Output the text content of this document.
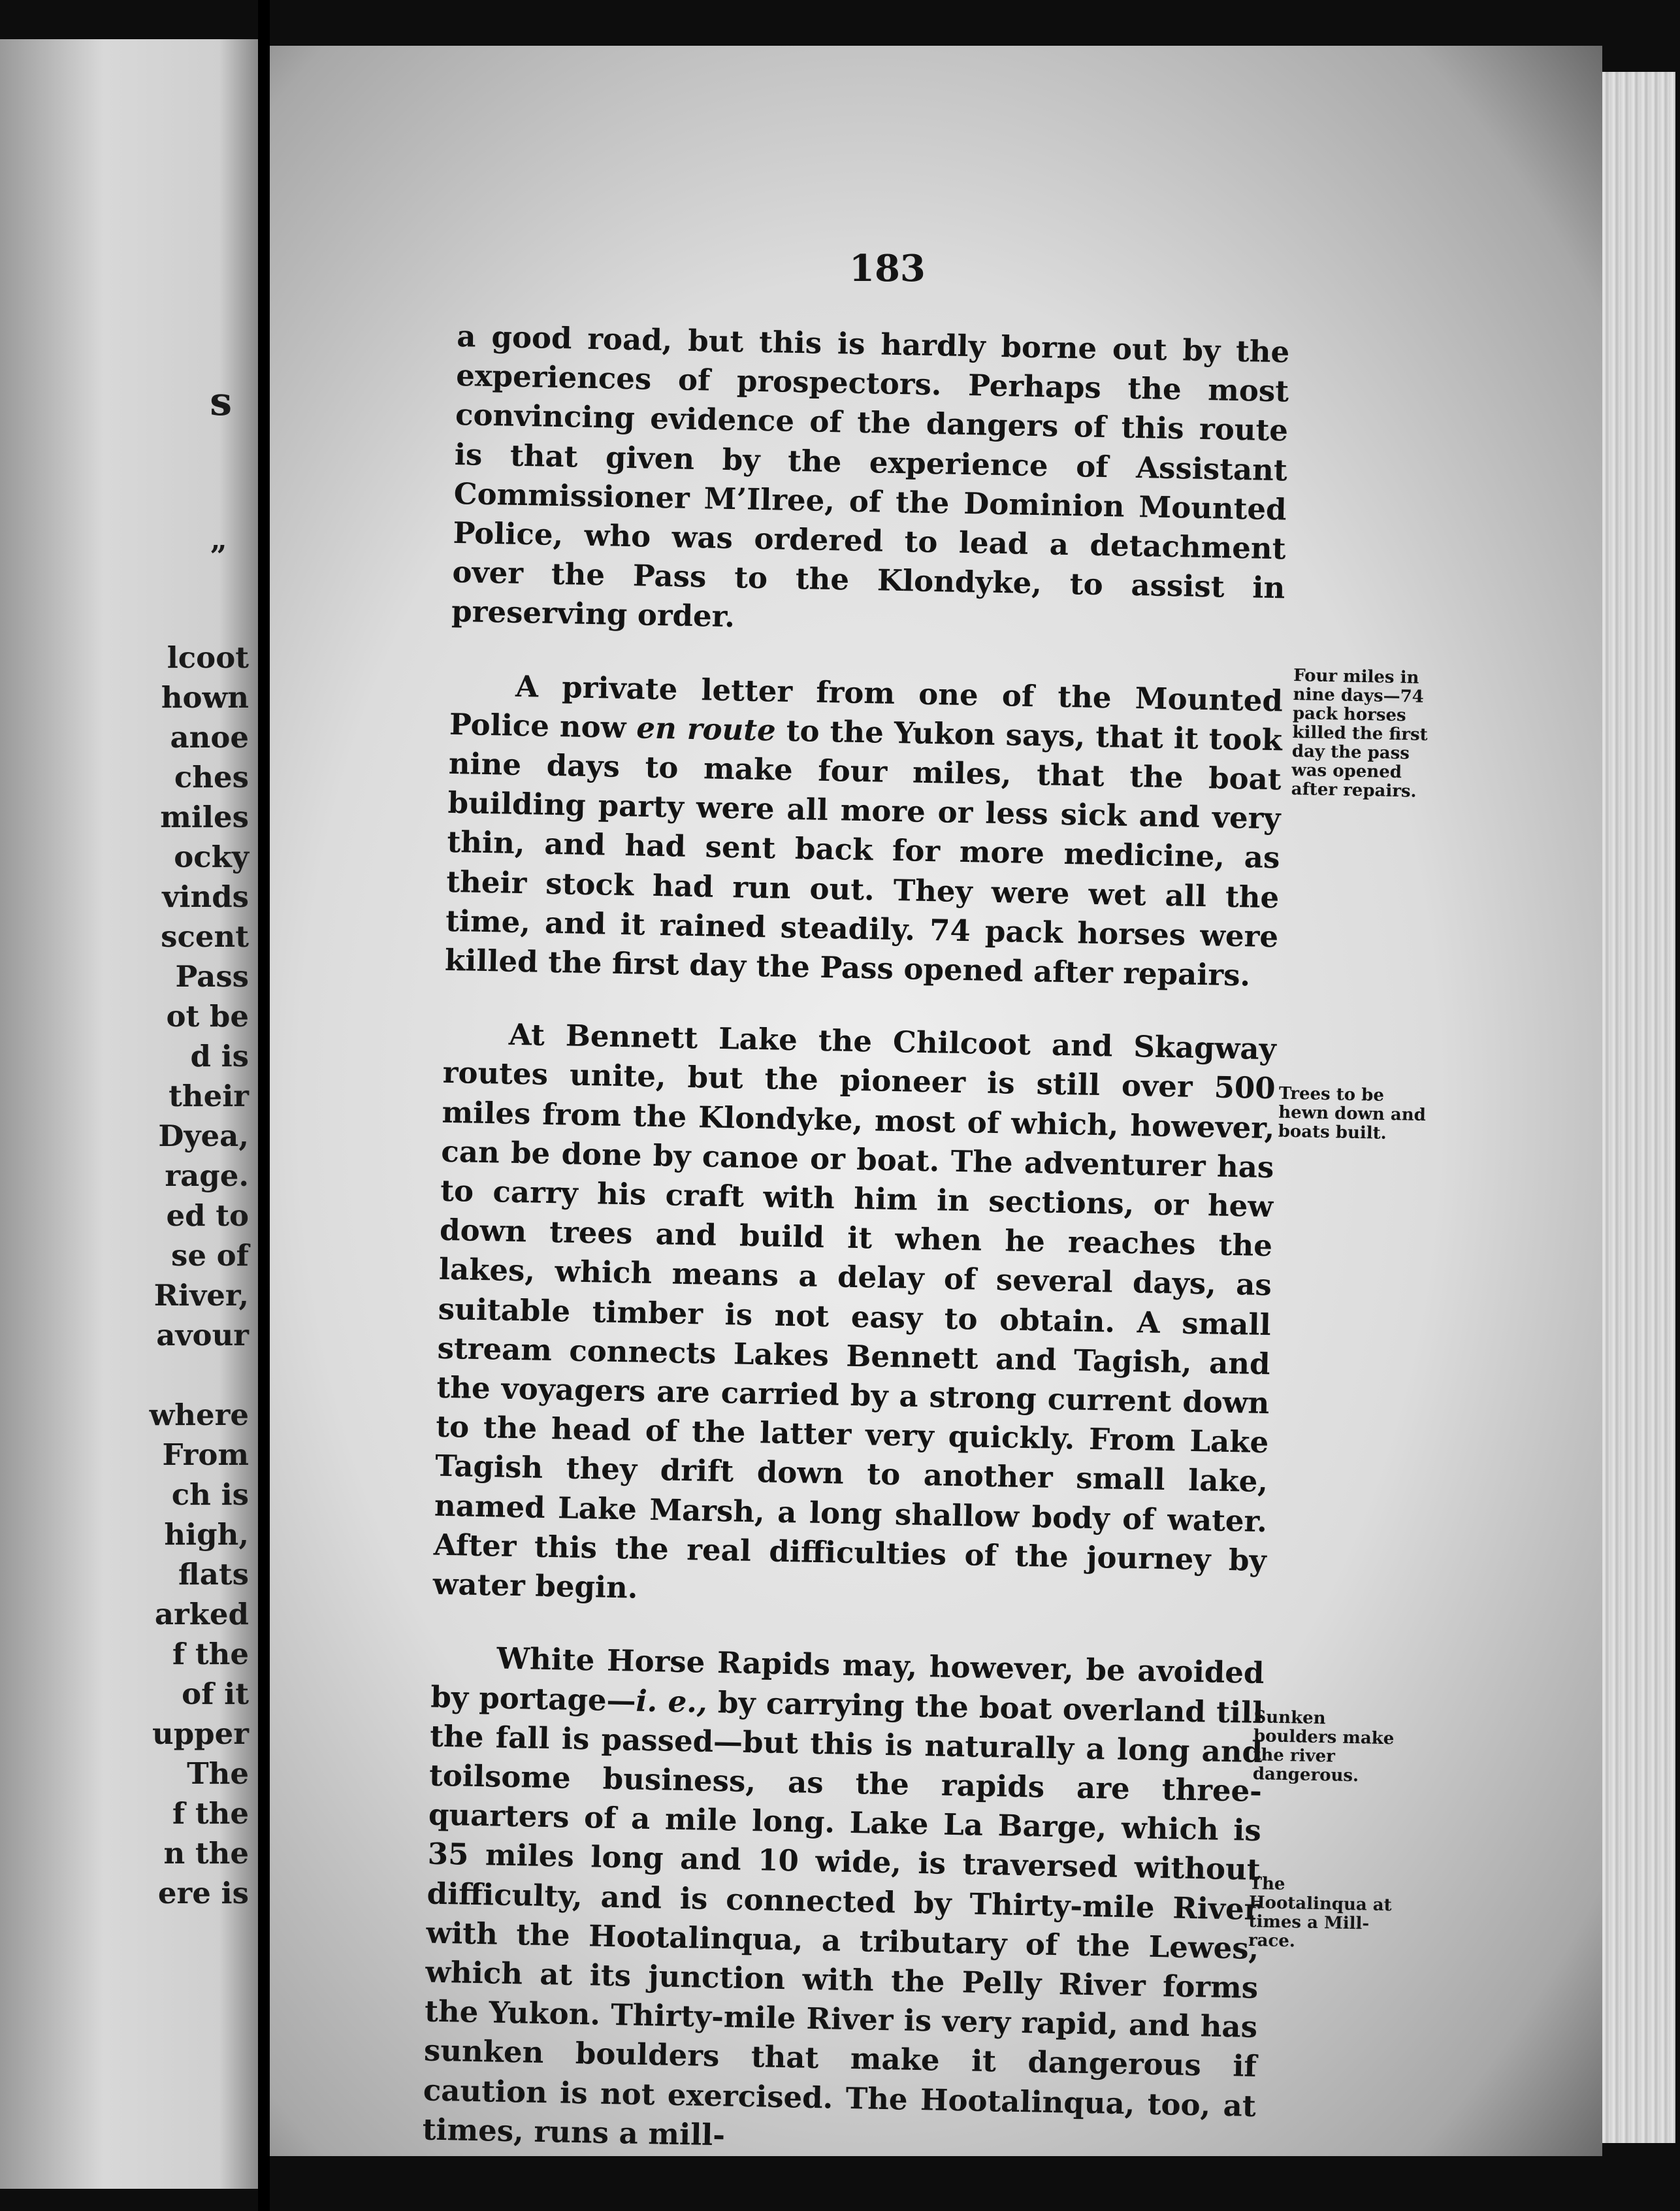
s
”
lcoot
hown
anoe
ches
miles
ocky
vinds
scent
Pass
ot be
d is
their
Dyea,
rage.
ed to
se of
River,
avour
where
From
ch is
high,
flats
arked
f the
of it
upper
The
f the
n the
ere is
183

a good road, but this is hardly borne out by the experiences of prospectors. Perhaps the most convincing evidence of the dangers of this route is that given by the experience of Assistant Commissioner M’Ilree, of the Dominion Mounted Police, who was ordered to lead a detachment over the Pass to the Klondyke, to assist in preserving order.

A private letter from one of the Mounted Police now en route to the Yukon says, that it took nine days to make four miles, that the boat building party were all more or less sick and very thin, and had sent back for more medicine, as their stock had run out. They were wet all the time, and it rained steadily. 74 pack horses were killed the first day the Pass opened after repairs.

At Bennett Lake the Chilcoot and Skagway routes unite, but the pioneer is still over 500 miles from the Klondyke, most of which, however, can be done by canoe or boat. The adventurer has to carry his craft with him in sections, or hew down trees and build it when he reaches the lakes, which means a delay of several days, as suitable timber is not easy to obtain. A small stream connects Lakes Bennett and Tagish, and the voyagers are carried by a strong current down to the head of the latter very quickly. From Lake Tagish they drift down to another small lake, named Lake Marsh, a long shallow body of water. After this the real difficulties of the journey by water begin.

White Horse Rapids may, however, be avoided by portage—i. e., by carrying the boat overland till the fall is passed—but this is naturally a long and toilsome business, as the rapids are three-quarters of a mile long. Lake La Barge, which is 35 miles long and 10 wide, is traversed without difficulty, and is connected by Thirty-mile River with the Hootalinqua, a tributary of the Lewes, which at its junction with the Pelly River forms the Yukon. Thirty-mile River is very rapid, and has sunken boulders that make it dangerous if caution is not exercised. The Hootalinqua, too, at times, runs a mill-

Four miles in nine days—74 pack horses killed the first day the pass was opened after repairs.
Trees to be hewn down and boats built.
Sunken boulders make the river dangerous.
The Hootalinqua at times a Mill-race.
